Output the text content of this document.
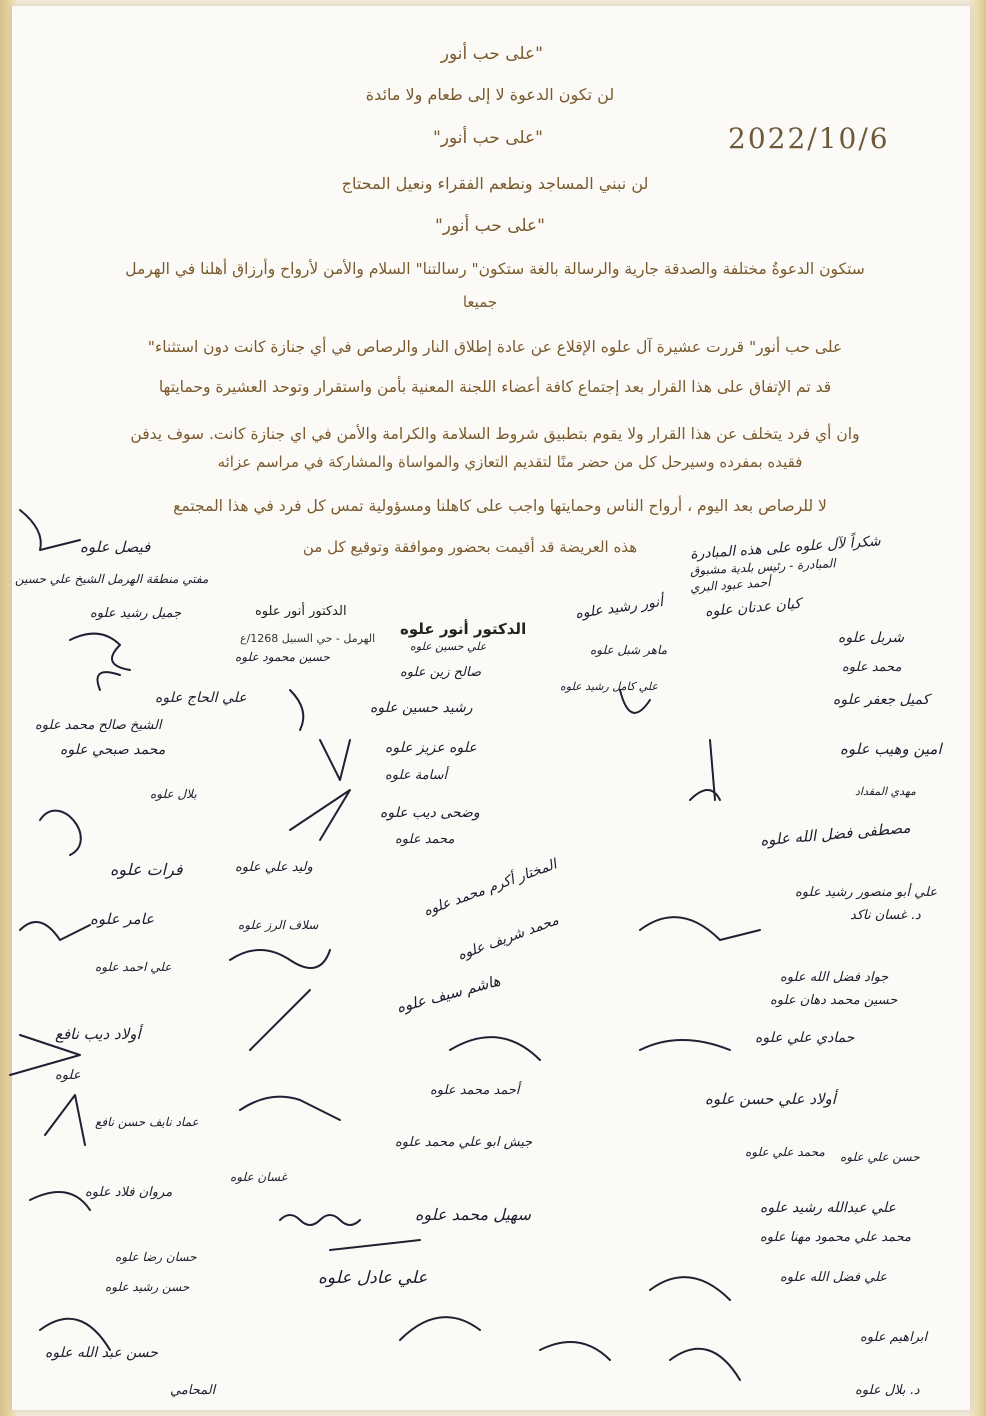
2022/10/6
"على حب أنور
لن تكون الدعوة لا إلى طعام ولا مائدة
"على حب أنور"
لن نبني المساجد ونطعم الفقراء ونعيل المحتاج
"على حب أنور"
ستكون الدعوةُ مختلفة والصدقة جارية والرسالة بالغة ستكون" رسالتنا" السلام والأمن لأرواح وأرزاق أهلنا في الهرمل
جميعا
على حب أنور" قررت عشيرة آل علوه الإقلاع عن عادة إطلاق النار والرصاص في أي جنازة كانت دون استثناء"
قد تم الإتفاق على هذا القرار بعد إجتماع كافة أعضاء اللجنة المعنية بأمن واستقرار وتوحد العشيرة وحمايتها
وان أي فرد يتخلف عن هذا القرار ولا يقوم بتطبيق شروط السلامة والكرامة والأمن في اي جنازة كانت. سوف يدفن
فقيده بمفرده وسيرحل كل من حضر منًا لتقديم التعازي والمواساة والمشاركة في مراسم عزائه
لا للرصاص بعد اليوم ، أرواح الناس وحمايتها واجب على كاهلنا ومسؤولية تمس كل فرد في هذا المجتمع
هذه العريضة قد أقيمت بحضور وموافقة وتوقيع كل من
الدكتور أنور علوه
الهرمل - حي السبيل 1268/ع
الدكتور أنور علوه
شكراً لآل علوه على هذه المبادرة
المبادرة - رئيس بلدية مشبوق
أحمد عبود البري
كيان عدنان علوه
شربل علوه
محمد علوه
كميل جعفر علوه
امين وهيب علوه
مهدي المقداد
مصطفى فضل الله علوه
علي أبو منصور رشيد علوه
د. غسان ناكد
جواد فضل الله علوه
حسين محمد دهان علوه
حمادي علي علوه
أولاد علي حسن علوه
محمد علي علوه حسن علي علوه
علي عبدالله رشيد علوه
محمد علي محمود مهنا علوه
علي فضل الله علوه
ابراهيم علوه
د. بلال علوه
أنور رشيد علوه
ماهر شبل علوه
علي كامل رشيد علوه
حسين محمود علوه
علي حسين علوه
صالح زين علوه
رشيد حسين علوه
علوه عزيز علوه
أسامة علوه
وضحى ديب علوه
محمد علوه
وليد علي علوه	المختار أكرم محمد علوه
محمد شريف علوه
هاشم سيف علوه
سلاف الرز علوه
أحمد محمد علوه
جيش ابو علي محمد علوه
غسان علوه
سهيل محمد علوه
علي عادل علوه
فيصل علوه
مفتي منطقة الهرمل الشيخ علي حسين
جميل رشيد علوه
علي الحاج علوه
الشيخ صالح محمد علوه
محمد صبحي علوه
بلال علوه
فرات علوه
عامر علوه
علي احمد علوه
أولاد ديب نافع
علوه
عماد نايف حسن نافع
مروان فلاد علوه
حسان رضا علوه
حسن رشيد علوه
حسن عبد الله علوه
المحامي
